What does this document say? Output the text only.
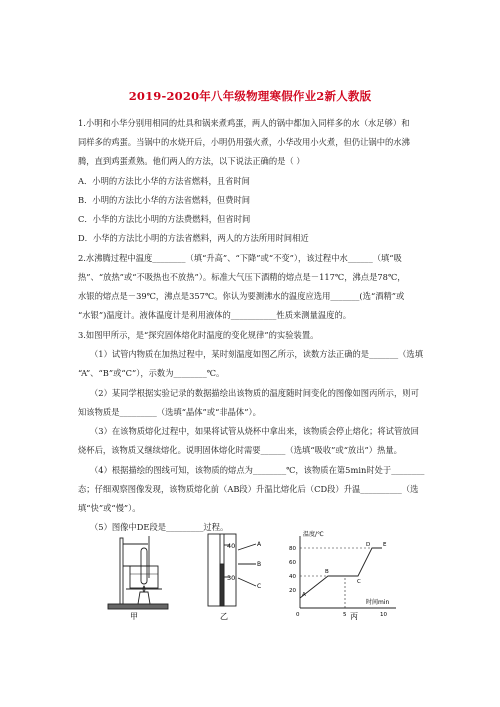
2019-2020年八年级物理寒假作业2新人教版
1.小明和小华分别用相同的灶具和锅来煮鸡蛋，两人的锅中都加入同样多的水（水足够）和
同样多的鸡蛋。当锅中的水烧开后，小明仍用强火煮，小华改用小火煮，但仍让锅中的水沸
腾，直到鸡蛋煮熟。他们两人的方法，以下说法正确的是（ ）
A．小明的方法比小华的方法省燃料，且省时间
B．小明的方法比小华的方法省燃料，但费时间
C．小华的方法比小明的方法费燃料，但省时间
D．小华的方法比小明的方法省燃料，两人的方法所用时间相近
2.水沸腾过程中温度________（填“升高”、“下降”或“不变”），该过程中水______（填“吸
热”、“放热”或“不吸热也不放热”）。标准大气压下酒精的熔点是－117℃，沸点是78℃，
水银的熔点是－39℃，沸点是357℃。你认为要测沸水的温度应选用_______(选“酒精”或
“水银”)温度计。液体温度计是利用液体的___________性质来测量温度的。
3.如图甲所示，是“探究固体熔化时温度的变化规律”的实验装置。
（1）试管内物质在加热过程中，某时刻温度如图乙所示，读数方法正确的是_______（选填
“A”、“B”或“C”），示数为________℃。
（2）某同学根据实验记录的数据描绘出该物质的温度随时间变化的图像如图丙所示，则可
知该物质是_________（选填“晶体”或“非晶体”）。
（3）在该物质熔化过程中，如果将试管从烧杯中拿出来，该物质会停止熔化；将试管放回
烧杯后，该物质又继续熔化。说明固体熔化时需要______（选填“吸收”或“放出”）热量。
（4）根据描绘的图线可知，该物质的熔点为________℃，该物质在第5min时处于________
态；仔细观察图像发现，该物质熔化前（AB段）升温比熔化后（CD段）升温__________（选
填“快”或“慢”）。
（5）图像中DE段是_________过程。
甲
40
30
A
B
C
乙
温度/℃
时间min
80
60
40
20
0	5	10
A
B
C
D E
丙
